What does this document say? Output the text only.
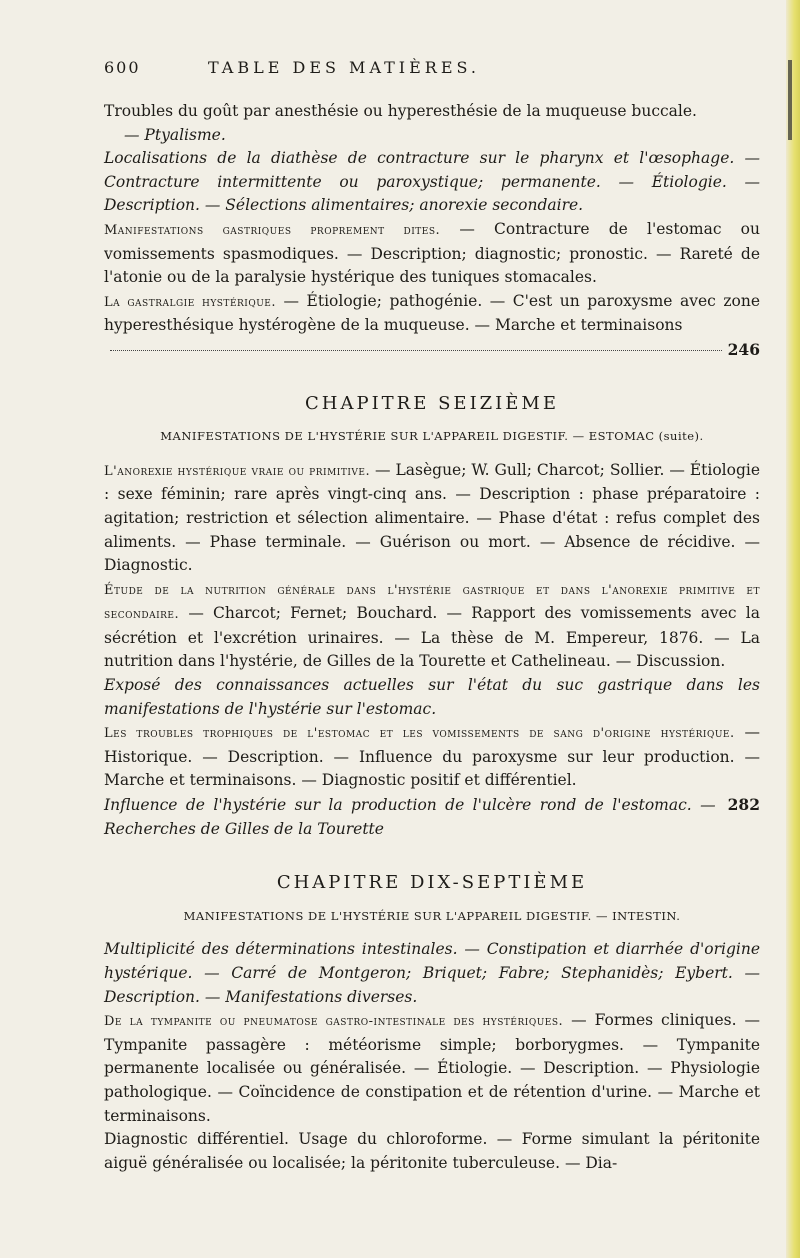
600	TABLE DES MATIÈRES.

Troubles du goût par anesthésie ou hyperesthésie de la muqueuse buccale.

— Ptyalisme.

Localisations de la diathèse de contracture sur le pharynx et l'œsophage. — Contracture intermittente ou paroxystique; permanente. — Étiologie. — Description. — Sélections alimentaires; anorexie secondaire.

Manifestations gastriques proprement dites. — Contracture de l'estomac ou vomissements spasmodiques. — Description; diagnostic; pronostic. — Rareté de l'atonie ou de la paralysie hystérique des tuniques stomacales.

La gastralgie hystérique. — Étiologie; pathogénie. — C'est un paroxysme avec zone hyperesthésique hystérogène de la muqueuse. — Marche et terminaisons

246

CHAPITRE SEIZIÈME
MANIFESTATIONS DE L'HYSTÉRIE SUR L'APPAREIL DIGESTIF. — ESTOMAC (suite).

L'anorexie hystérique vraie ou primitive. — Lasègue; W. Gull; Charcot; Sollier. — Étiologie : sexe féminin; rare après vingt-cinq ans. — Description : phase préparatoire : agitation; restriction et sélection alimentaire. — Phase d'état : refus complet des aliments. — Phase terminale. — Guérison ou mort. — Absence de récidive. — Diagnostic.

Étude de la nutrition générale dans l'hystérie gastrique et dans l'anorexie primitive et secondaire. — Charcot; Fernet; Bouchard. — Rapport des vomissements avec la sécrétion et l'excrétion urinaires. — La thèse de M. Empereur, 1876. — La nutrition dans l'hystérie, de Gilles de la Tourette et Cathelineau. — Discussion.

Exposé des connaissances actuelles sur l'état du suc gastrique dans les manifestations de l'hystérie sur l'estomac.

Les troubles trophiques de l'estomac et les vomissements de sang d'origine hystérique. — Historique. — Description. — Influence du paroxysme sur leur production. — Marche et terminaisons. — Diagnostic positif et différentiel.

Influence de l'hystérie sur la production de l'ulcère rond de l'estomac. — Recherches de Gilles de la Tourette
282

CHAPITRE DIX-SEPTIÈME
MANIFESTATIONS DE L'HYSTÉRIE SUR L'APPAREIL DIGESTIF. — INTESTIN.

Multiplicité des déterminations intestinales. — Constipation et diarrhée d'origine hystérique. — Carré de Montgeron; Briquet; Fabre; Stephanidès; Eybert. — Description. — Manifestations diverses.

De la tympanite ou pneumatose gastro-intestinale des hystériques. — Formes cliniques. — Tympanite passagère : météorisme simple; borborygmes. — Tympanite permanente localisée ou généralisée. — Étiologie. — Description. — Physiologie pathologique. — Coïncidence de constipation et de rétention d'urine. — Marche et terminaisons.

Diagnostic différentiel. Usage du chloroforme. — Forme simulant la péritonite aiguë généralisée ou localisée; la péritonite tuberculeuse. — Dia-
